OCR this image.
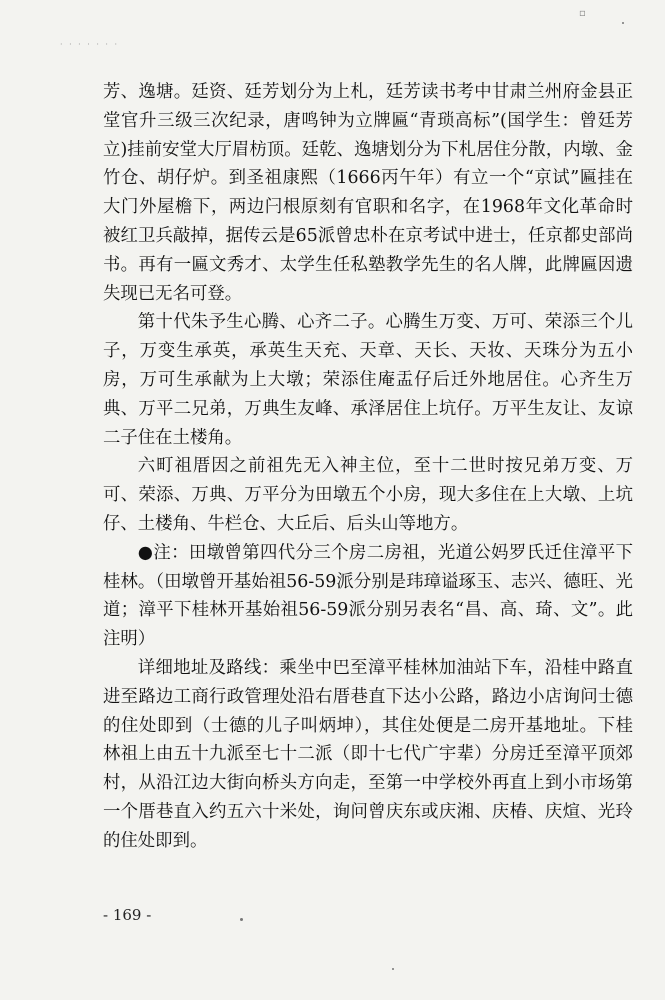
· · · · · · ·
▫

芳、逸塘。廷资、廷芳划分为上札，廷芳读书考中甘肃兰州府金县正堂官升三级三次纪录，唐鸣钟为立牌匾“青琐高标”(国学生：曾廷芳立)挂前安堂大厅眉枋顶。廷乾、逸塘划分为下札居住分散，内墩、金竹仓、胡仔炉。到圣祖康熙（1666丙午年）有立一个“京试”匾挂在大门外屋檐下，两边闩根原刻有官职和名字，在1968年文化革命时被红卫兵敲掉，据传云是65派曾忠朴在京考试中进士，任京都史部尚书。再有一匾文秀才、太学生任私塾教学先生的名人牌，此牌匾因遗失现已无名可登。

第十代朱予生心腾、心齐二子。心腾生万变、万可、荣添三个儿子，万变生承英，承英生天充、天章、天长、天妆、天珠分为五小房，万可生承献为上大墩；荣添住庵盂仔后迁外地居住。心齐生万典、万平二兄弟，万典生友峰、承泽居住上坑仔。万平生友让、友谅二子住在土楼角。

六町祖厝因之前祖先无入神主位，至十二世时按兄弟万变、万可、荣添、万典、万平分为田墩五个小房，现大多住在上大墩、上坑仔、土楼角、牛栏仓、大丘后、后头山等地方。

●注：田墩曾第四代分三个房二房祖，光道公妈罗氏迁住漳平下桂林。（田墩曾开基始祖56-59派分别是玮璋谥琢玉、志兴、德旺、光道；漳平下桂林开基始祖56-59派分别另表名“昌、高、琦、文”。此注明）

详细地址及路线：乘坐中巴至漳平桂林加油站下车，沿桂中路直进至路边工商行政管理处沿右厝巷直下达小公路，路边小店询问士德的住处即到（士德的儿子叫炳坤），其住处便是二房开基地址。下桂林祖上由五十九派至七十二派（即十七代广宇辈）分房迁至漳平顶郊村，从沿江边大街向桥头方向走，至第一中学校外再直上到小市场第一个厝巷直入约五六十米处，询问曾庆东或庆湘、庆椿、庆煊、光玲的住处即到。

- 169 -
